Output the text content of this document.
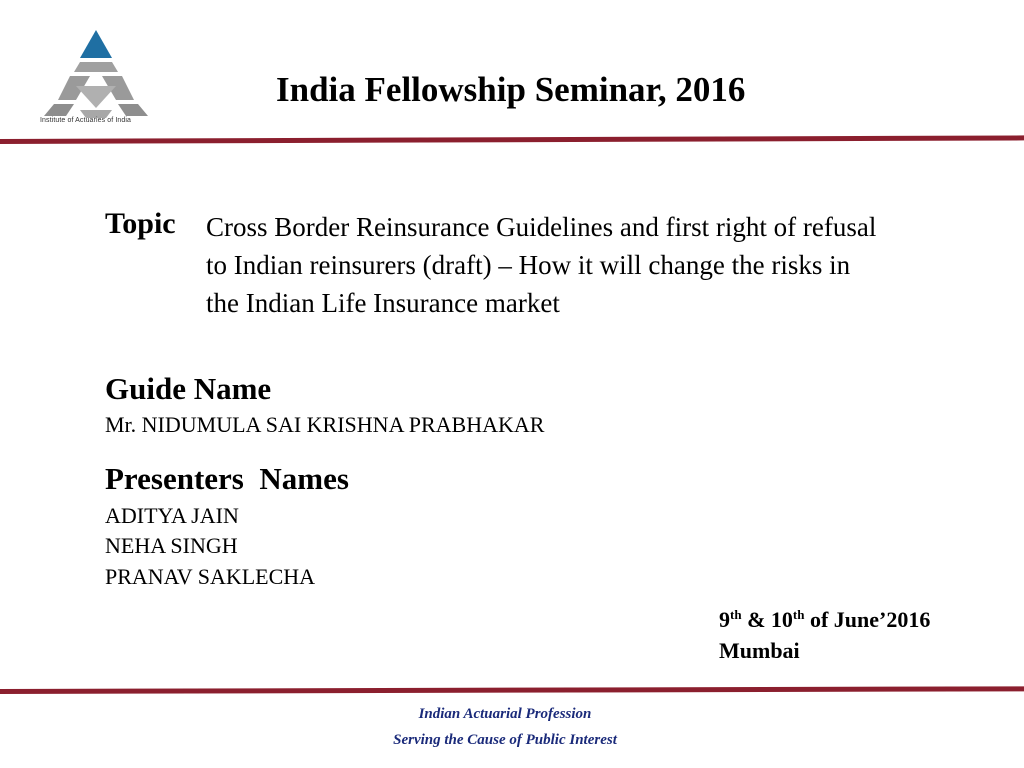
Institute of Actuaries of India
India Fellowship Seminar, 2016
Topic Cross Border Reinsurance Guidelines and first right of refusal to Indian reinsurers (draft) – How it will change the risks in the Indian Life Insurance market
Guide Name
Mr. NIDUMULA SAI KRISHNA PRABHAKAR
Presenters  Names
ADITYA JAIN
NEHA SINGH
PRANAV SAKLECHA
9th & 10th of June’2016
Mumbai
Indian Actuarial Profession
Serving the Cause of Public Interest
